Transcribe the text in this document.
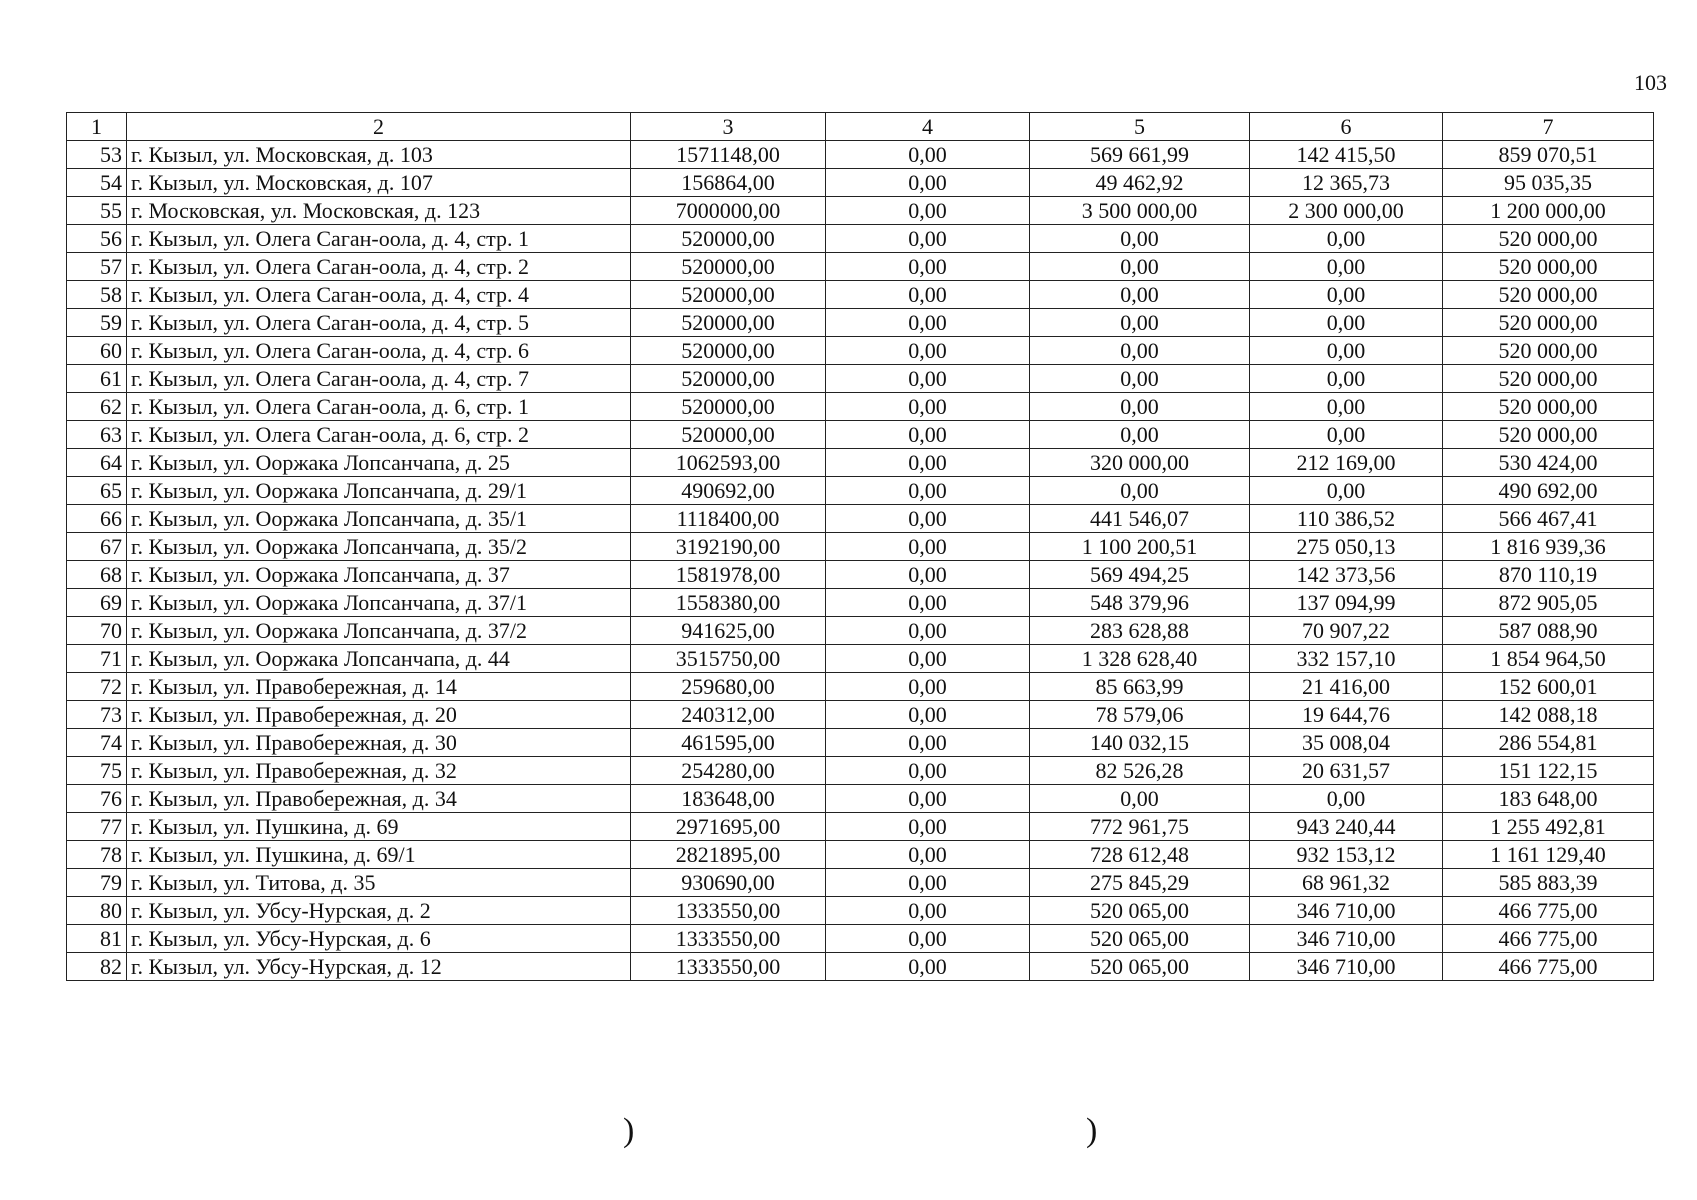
103
1	2	3	4	5	6	7
53	г. Кызыл, ул. Московская, д. 103	1571148,00	0,00	569 661,99	142 415,50	859 070,51
54	г. Кызыл, ул. Московская, д. 107	156864,00	0,00	49 462,92	12 365,73	95 035,35
55	г. Московская, ул. Московская, д. 123	7000000,00	0,00	3 500 000,00	2 300 000,00	1 200 000,00
56	г. Кызыл, ул. Олега Саган-оола, д. 4, стр. 1	520000,00	0,00	0,00	0,00	520 000,00
57	г. Кызыл, ул. Олега Саган-оола, д. 4, стр. 2	520000,00	0,00	0,00	0,00	520 000,00
58	г. Кызыл, ул. Олега Саган-оола, д. 4, стр. 4	520000,00	0,00	0,00	0,00	520 000,00
59	г. Кызыл, ул. Олега Саган-оола, д. 4, стр. 5	520000,00	0,00	0,00	0,00	520 000,00
60	г. Кызыл, ул. Олега Саган-оола, д. 4, стр. 6	520000,00	0,00	0,00	0,00	520 000,00
61	г. Кызыл, ул. Олега Саган-оола, д. 4, стр. 7	520000,00	0,00	0,00	0,00	520 000,00
62	г. Кызыл, ул. Олега Саган-оола, д. 6, стр. 1	520000,00	0,00	0,00	0,00	520 000,00
63	г. Кызыл, ул. Олега Саган-оола, д. 6, стр. 2	520000,00	0,00	0,00	0,00	520 000,00
64	г. Кызыл, ул. Ооржака Лопсанчапа, д. 25	1062593,00	0,00	320 000,00	212 169,00	530 424,00
65	г. Кызыл, ул. Ооржака Лопсанчапа, д. 29/1	490692,00	0,00	0,00	0,00	490 692,00
66	г. Кызыл, ул. Ооржака Лопсанчапа, д. 35/1	1118400,00	0,00	441 546,07	110 386,52	566 467,41
67	г. Кызыл, ул. Ооржака Лопсанчапа, д. 35/2	3192190,00	0,00	1 100 200,51	275 050,13	1 816 939,36
68	г. Кызыл, ул. Ооржака Лопсанчапа, д. 37	1581978,00	0,00	569 494,25	142 373,56	870 110,19
69	г. Кызыл, ул. Ооржака Лопсанчапа, д. 37/1	1558380,00	0,00	548 379,96	137 094,99	872 905,05
70	г. Кызыл, ул. Ооржака Лопсанчапа, д. 37/2	941625,00	0,00	283 628,88	70 907,22	587 088,90
71	г. Кызыл, ул. Ооржака Лопсанчапа, д. 44	3515750,00	0,00	1 328 628,40	332 157,10	1 854 964,50
72	г. Кызыл, ул. Правобережная, д. 14	259680,00	0,00	85 663,99	21 416,00	152 600,01
73	г. Кызыл, ул. Правобережная, д. 20	240312,00	0,00	78 579,06	19 644,76	142 088,18
74	г. Кызыл, ул. Правобережная, д. 30	461595,00	0,00	140 032,15	35 008,04	286 554,81
75	г. Кызыл, ул. Правобережная, д. 32	254280,00	0,00	82 526,28	20 631,57	151 122,15
76	г. Кызыл, ул. Правобережная, д. 34	183648,00	0,00	0,00	0,00	183 648,00
77	г. Кызыл, ул. Пушкина, д. 69	2971695,00	0,00	772 961,75	943 240,44	1 255 492,81
78	г. Кызыл, ул. Пушкина, д. 69/1	2821895,00	0,00	728 612,48	932 153,12	1 161 129,40
79	г. Кызыл, ул. Титова, д. 35	930690,00	0,00	275 845,29	68 961,32	585 883,39
80	г. Кызыл, ул. Убсу-Нурская, д. 2	1333550,00	0,00	520 065,00	346 710,00	466 775,00
81	г. Кызыл, ул. Убсу-Нурская, д. 6	1333550,00	0,00	520 065,00	346 710,00	466 775,00
82	г. Кызыл, ул. Убсу-Нурская, д. 12	1333550,00	0,00	520 065,00	346 710,00	466 775,00
)	)
